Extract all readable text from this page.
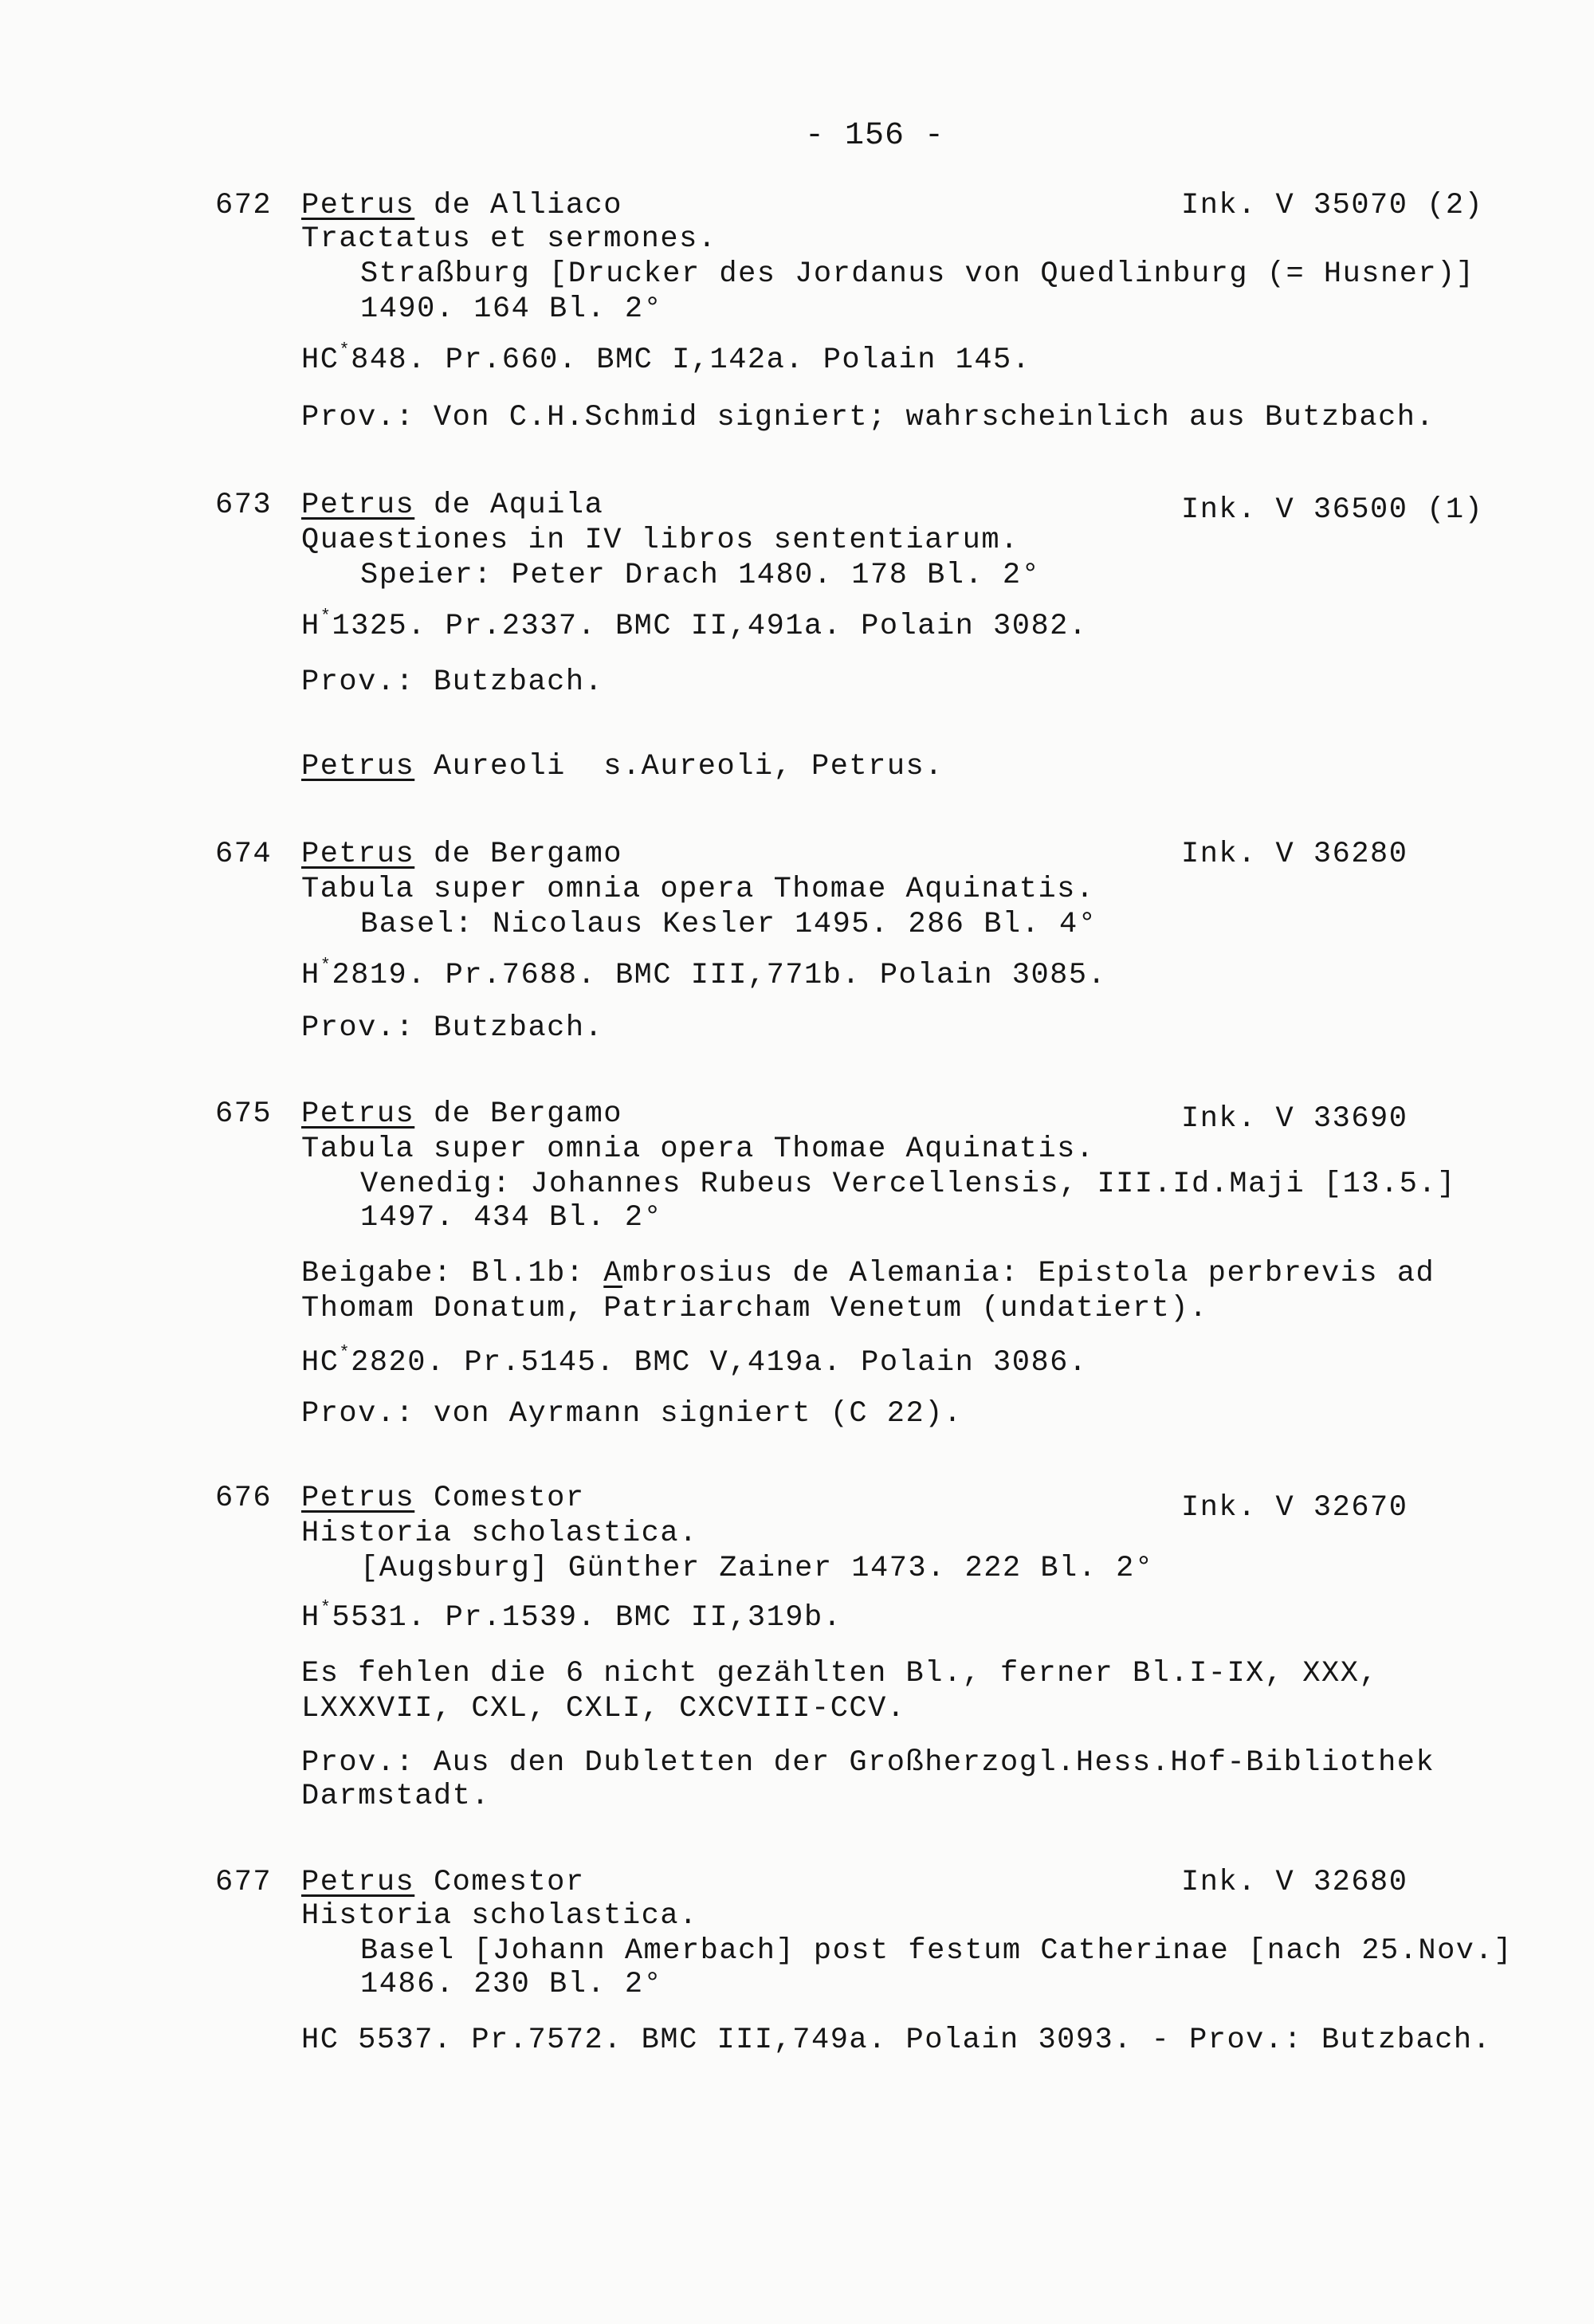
- 156 -
672 Petrus de Alliaco	Ink. V 35070 (2)
Tractatus et sermones.
Straßburg [Drucker des Jordanus von Quedlinburg (= Husner)]
1490. 164 Bl. 2°
HC*848. Pr.660. BMC I,142a. Polain 145.
Prov.: Von C.H.Schmid signiert; wahrscheinlich aus Butzbach.
673 Petrus de Aquila	Ink. V 36500 (1)
Quaestiones in IV libros sententiarum.
Speier: Peter Drach 1480. 178 Bl. 2°
H*1325. Pr.2337. BMC II,491a. Polain 3082.
Prov.: Butzbach.
Petrus Aureoli  s.Aureoli, Petrus.
674 Petrus de Bergamo	Ink. V 36280
Tabula super omnia opera Thomae Aquinatis.
Basel: Nicolaus Kesler 1495. 286 Bl. 4°
H*2819. Pr.7688. BMC III,771b. Polain 3085.
Prov.: Butzbach.
675 Petrus de Bergamo	Ink. V 33690
Tabula super omnia opera Thomae Aquinatis.
Venedig: Johannes Rubeus Vercellensis, III.Id.Maji [13.5.]
1497. 434 Bl. 2°
Beigabe: Bl.1b: Ambrosius de Alemania: Epistola perbrevis ad
Thomam Donatum, Patriarcham Venetum (undatiert).
HC*2820. Pr.5145. BMC V,419a. Polain 3086.
Prov.: von Ayrmann signiert (C 22).
676 Petrus Comestor	Ink. V 32670
Historia scholastica.
[Augsburg] Günther Zainer 1473. 222 Bl. 2°
H*5531. Pr.1539. BMC II,319b.
Es fehlen die 6 nicht gezählten Bl., ferner Bl.I-IX, XXX,
LXXXVII, CXL, CXLI, CXCVIII-CCV.
Prov.: Aus den Dubletten der Großherzogl.Hess.Hof-Bibliothek
Darmstadt.
677 Petrus Comestor	Ink. V 32680
Historia scholastica.
Basel [Johann Amerbach] post festum Catherinae [nach 25.Nov.]
1486. 230 Bl. 2°
HC 5537. Pr.7572. BMC III,749a. Polain 3093. - Prov.: Butzbach.
